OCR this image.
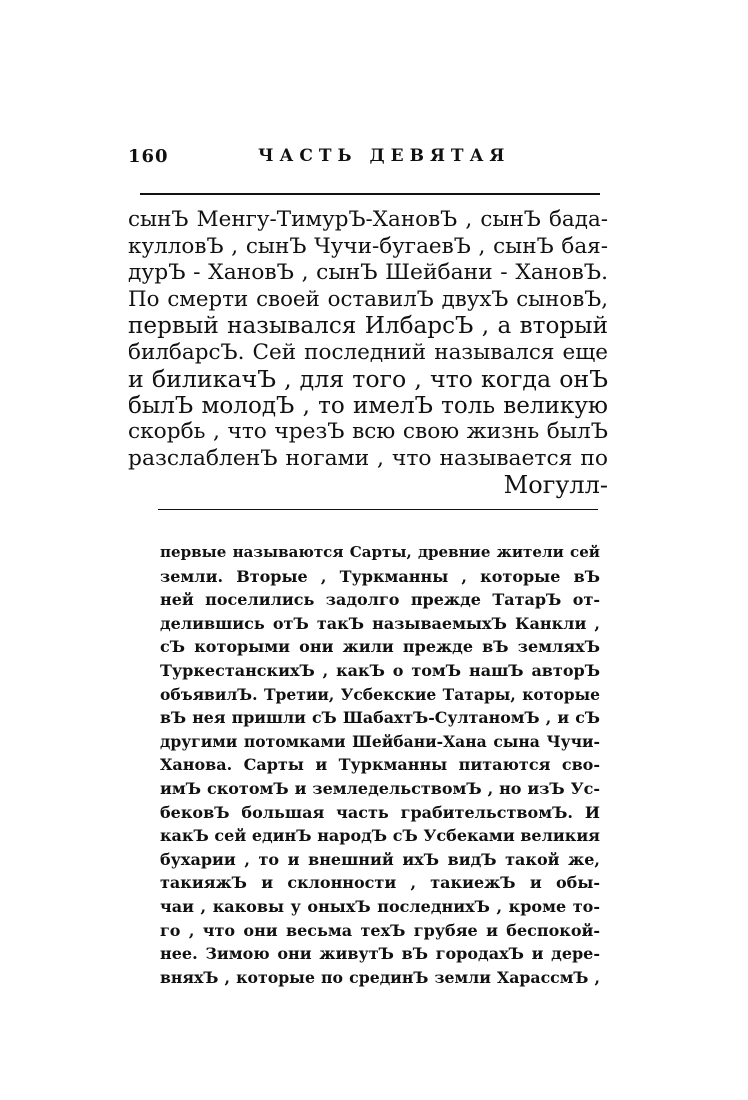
160	ЧАСТЬ ДЕВЯТАЯ
сынЪ Менгу-ТимурЪ-ХановЪ , сынЪ бада-
кулловЪ , сынЪ Чучи-бугаевЪ , сынЪ бая-
дурЪ - ХановЪ , сынЪ Шейбани - ХановЪ.
По смерти своей оставилЪ двухЪ сыновЪ,
первый назывался ИлбарсЪ , а вторый
билбарсЪ. Сей последний назывался еще
и биликачЪ , для того , что когда онЪ
былЪ молодЪ , то имелЪ толь великую
скорбь , что чрезЪ всю свою жизнь былЪ
разслабленЪ ногами , что называется по
Могулл-
первые называются Сарты, древние жители сей
земли. Вторые , Туркманны , которые вЪ
ней поселились задолго прежде ТатарЪ от-
делившись отЪ такЪ называемыхЪ Канкли ,
сЪ которыми они жили прежде вЪ земляхЪ
ТуркестанскихЪ , какЪ о томЪ нашЪ авторЪ
объявилЪ. Третии, Усбекские Татары, которые
вЪ нея пришли сЪ ШабахтЪ-СултаномЪ , и сЪ
другими потомками Шейбани-Хана сына Чучи-
Ханова. Сарты и Туркманны питаются сво-
имЪ скотомЪ и земледельствомЪ , но изЪ Ус-
бековЪ большая часть грабительствомЪ. И
какЪ сей единЪ народЪ сЪ Усбеками великия
бухарии , то и внешний ихЪ видЪ такой же,
такияжЪ и склонности , такиежЪ и обы-
чаи , каковы у оныхЪ последнихЪ , кроме то-
го , что они весьма техЪ грубяе и беспокой-
нее. Зимою они живутЪ вЪ городахЪ и дере-
вняхЪ , которые по срединЪ земли ХарассмЪ ,
